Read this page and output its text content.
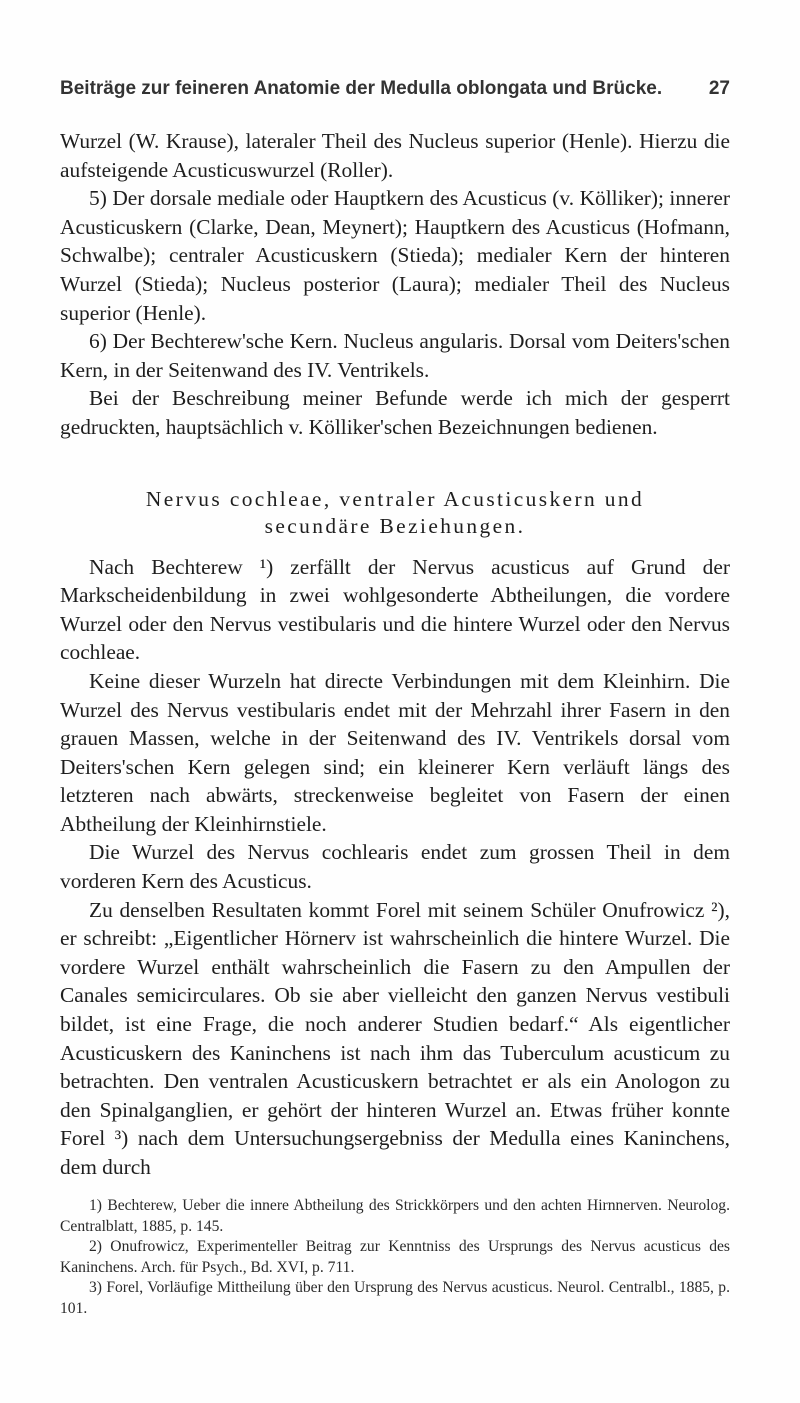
Beiträge zur feineren Anatomie der Medulla oblongata und Brücke. 27

Wurzel (W. Krause), lateraler Theil des Nucleus superior (Henle). Hierzu die aufsteigende Acusticuswurzel (Roller).

5) Der dorsale mediale oder Hauptkern des Acusticus (v. Kölliker); innerer Acusticuskern (Clarke, Dean, Meynert); Hauptkern des Acusticus (Hofmann, Schwalbe); centraler Acusticuskern (Stieda); medialer Kern der hinteren Wurzel (Stieda); Nucleus posterior (Laura); medialer Theil des Nucleus superior (Henle).

6) Der Bechterew'sche Kern. Nucleus angularis. Dorsal vom Deiters'schen Kern, in der Seitenwand des IV. Ventrikels.

Bei der Beschreibung meiner Befunde werde ich mich der gesperrt gedruckten, hauptsächlich v. Kölliker'schen Bezeichnungen bedienen.

Nervus cochleae, ventraler Acusticuskern und
secundäre Beziehungen.

Nach Bechterew ¹) zerfällt der Nervus acusticus auf Grund der Markscheidenbildung in zwei wohlgesonderte Abtheilungen, die vordere Wurzel oder den Nervus vestibularis und die hintere Wurzel oder den Nervus cochleae.

Keine dieser Wurzeln hat directe Verbindungen mit dem Kleinhirn. Die Wurzel des Nervus vestibularis endet mit der Mehrzahl ihrer Fasern in den grauen Massen, welche in der Seitenwand des IV. Ventrikels dorsal vom Deiters'schen Kern gelegen sind; ein kleinerer Kern verläuft längs des letzteren nach abwärts, streckenweise begleitet von Fasern der einen Abtheilung der Kleinhirnstiele.

Die Wurzel des Nervus cochlearis endet zum grossen Theil in dem vorderen Kern des Acusticus.

Zu denselben Resultaten kommt Forel mit seinem Schüler Onufrowicz ²), er schreibt: „Eigentlicher Hörnerv ist wahrscheinlich die hintere Wurzel. Die vordere Wurzel enthält wahrscheinlich die Fasern zu den Ampullen der Canales semicirculares. Ob sie aber vielleicht den ganzen Nervus vestibuli bildet, ist eine Frage, die noch anderer Studien bedarf.“ Als eigentlicher Acusticuskern des Kaninchens ist nach ihm das Tuberculum acusticum zu betrachten. Den ventralen Acusticuskern betrachtet er als ein Anologon zu den Spinalganglien, er gehört der hinteren Wurzel an. Etwas früher konnte Forel ³) nach dem Untersuchungsergebniss der Medulla eines Kaninchens, dem durch

1) Bechterew, Ueber die innere Abtheilung des Strickkörpers und den achten Hirnnerven. Neurolog. Centralblatt, 1885, p. 145.

2) Onufrowicz, Experimenteller Beitrag zur Kenntniss des Ursprungs des Nervus acusticus des Kaninchens. Arch. für Psych., Bd. XVI, p. 711.

3) Forel, Vorläufige Mittheilung über den Ursprung des Nervus acusticus. Neurol. Centralbl., 1885, p. 101.
